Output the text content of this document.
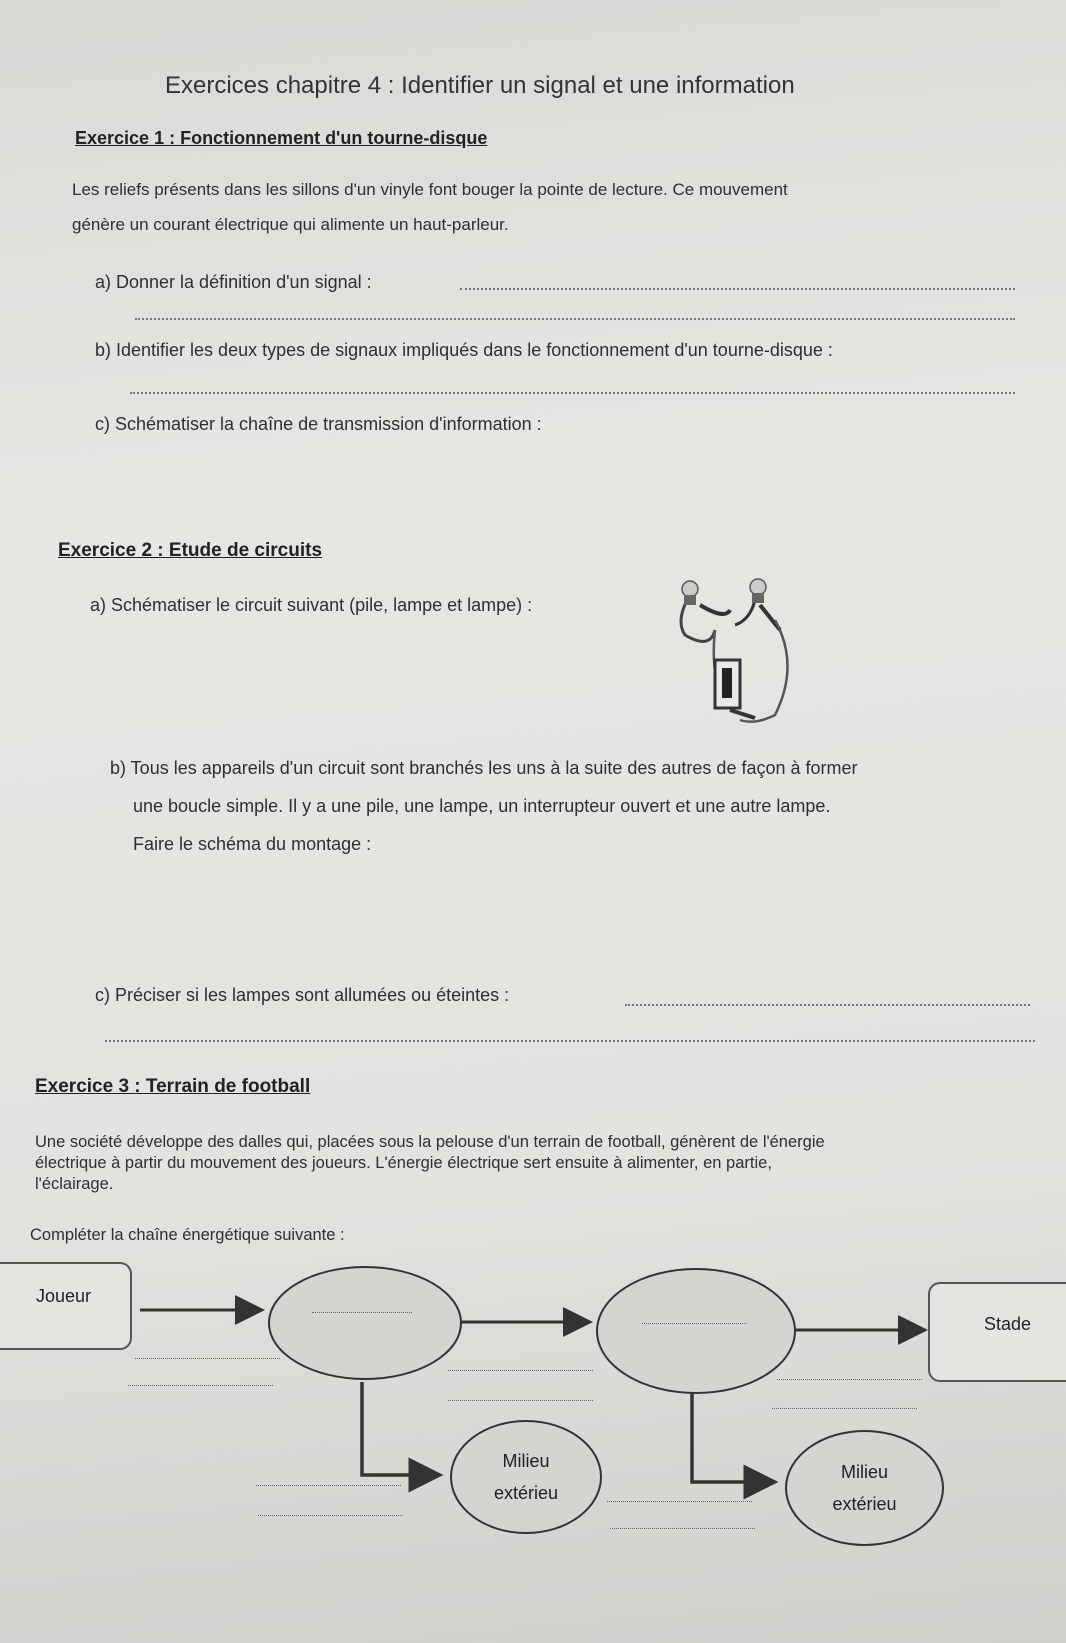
Exercices chapitre 4 : Identifier un signal et une information
Exercice 1 : Fonctionnement d'un tourne-disque
Les reliefs présents dans les sillons d'un vinyle font bouger la pointe de lecture. Ce mouvement
génère un courant électrique qui alimente un haut-parleur.
a) Donner la définition d'un signal :
b) Identifier les deux types de signaux impliqués dans le fonctionnement d'un tourne-disque :
c) Schématiser la chaîne de transmission d'information :
Exercice 2 : Etude de circuits
a) Schématiser le circuit suivant (pile, lampe et lampe) :
b) Tous les appareils d'un circuit sont branchés les uns à la suite des autres de façon à former
une boucle simple. Il y a une pile, une lampe, un interrupteur ouvert et une autre lampe.
Faire le schéma du montage :
c) Préciser si les lampes sont allumées ou éteintes :
Exercice 3 : Terrain de football
Une société développe des dalles qui, placées sous la pelouse d'un terrain de football, génèrent de l'énergie
électrique à partir du mouvement des joueurs. L'énergie électrique sert ensuite à alimenter, en partie,
l'éclairage.
Compléter la chaîne énergétique suivante :
Joueur
Stade
Milieu
extérieu
Milieu
extérieu
